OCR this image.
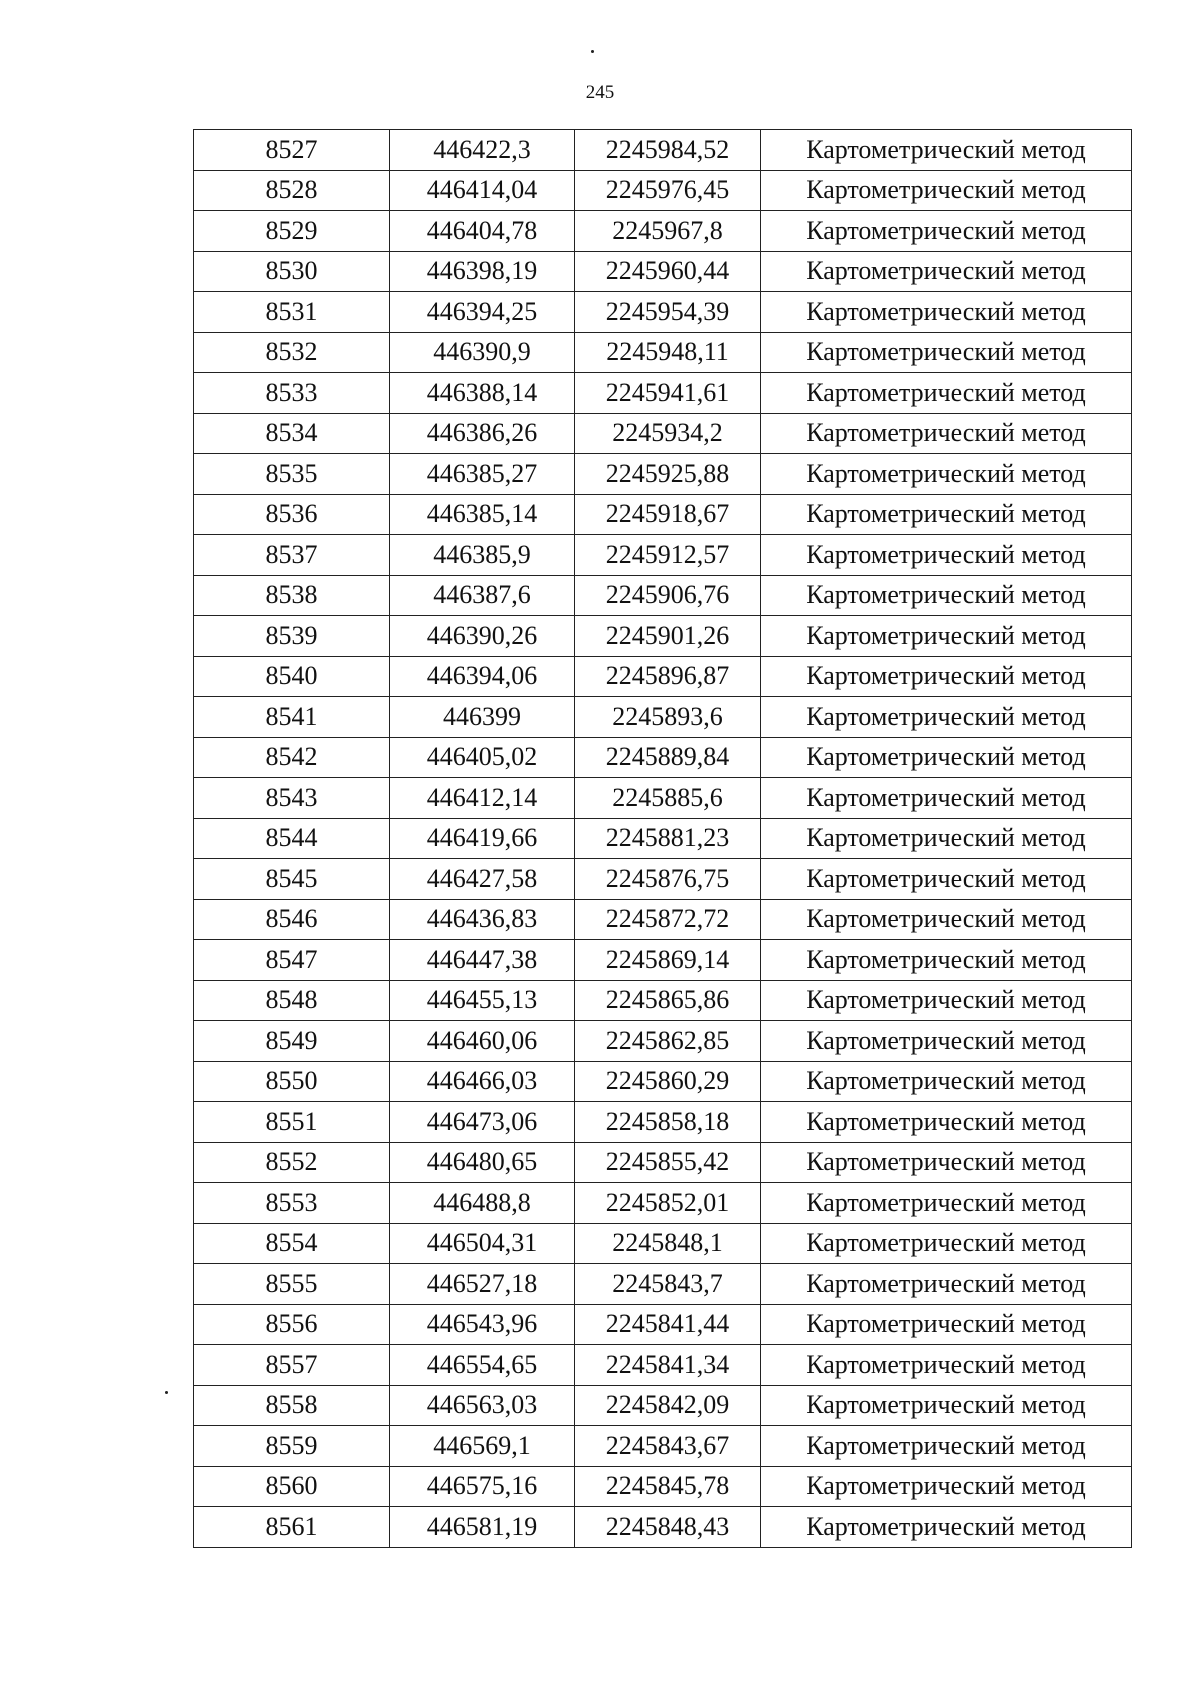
245
8527	446422,3	2245984,52	Картометрический метод
8528	446414,04	2245976,45	Картометрический метод
8529	446404,78	2245967,8	Картометрический метод
8530	446398,19	2245960,44	Картометрический метод
8531	446394,25	2245954,39	Картометрический метод
8532	446390,9	2245948,11	Картометрический метод
8533	446388,14	2245941,61	Картометрический метод
8534	446386,26	2245934,2	Картометрический метод
8535	446385,27	2245925,88	Картометрический метод
8536	446385,14	2245918,67	Картометрический метод
8537	446385,9	2245912,57	Картометрический метод
8538	446387,6	2245906,76	Картометрический метод
8539	446390,26	2245901,26	Картометрический метод
8540	446394,06	2245896,87	Картометрический метод
8541	446399	2245893,6	Картометрический метод
8542	446405,02	2245889,84	Картометрический метод
8543	446412,14	2245885,6	Картометрический метод
8544	446419,66	2245881,23	Картометрический метод
8545	446427,58	2245876,75	Картометрический метод
8546	446436,83	2245872,72	Картометрический метод
8547	446447,38	2245869,14	Картометрический метод
8548	446455,13	2245865,86	Картометрический метод
8549	446460,06	2245862,85	Картометрический метод
8550	446466,03	2245860,29	Картометрический метод
8551	446473,06	2245858,18	Картометрический метод
8552	446480,65	2245855,42	Картометрический метод
8553	446488,8	2245852,01	Картометрический метод
8554	446504,31	2245848,1	Картометрический метод
8555	446527,18	2245843,7	Картометрический метод
8556	446543,96	2245841,44	Картометрический метод
8557	446554,65	2245841,34	Картометрический метод
8558	446563,03	2245842,09	Картометрический метод
8559	446569,1	2245843,67	Картометрический метод
8560	446575,16	2245845,78	Картометрический метод
8561	446581,19	2245848,43	Картометрический метод
